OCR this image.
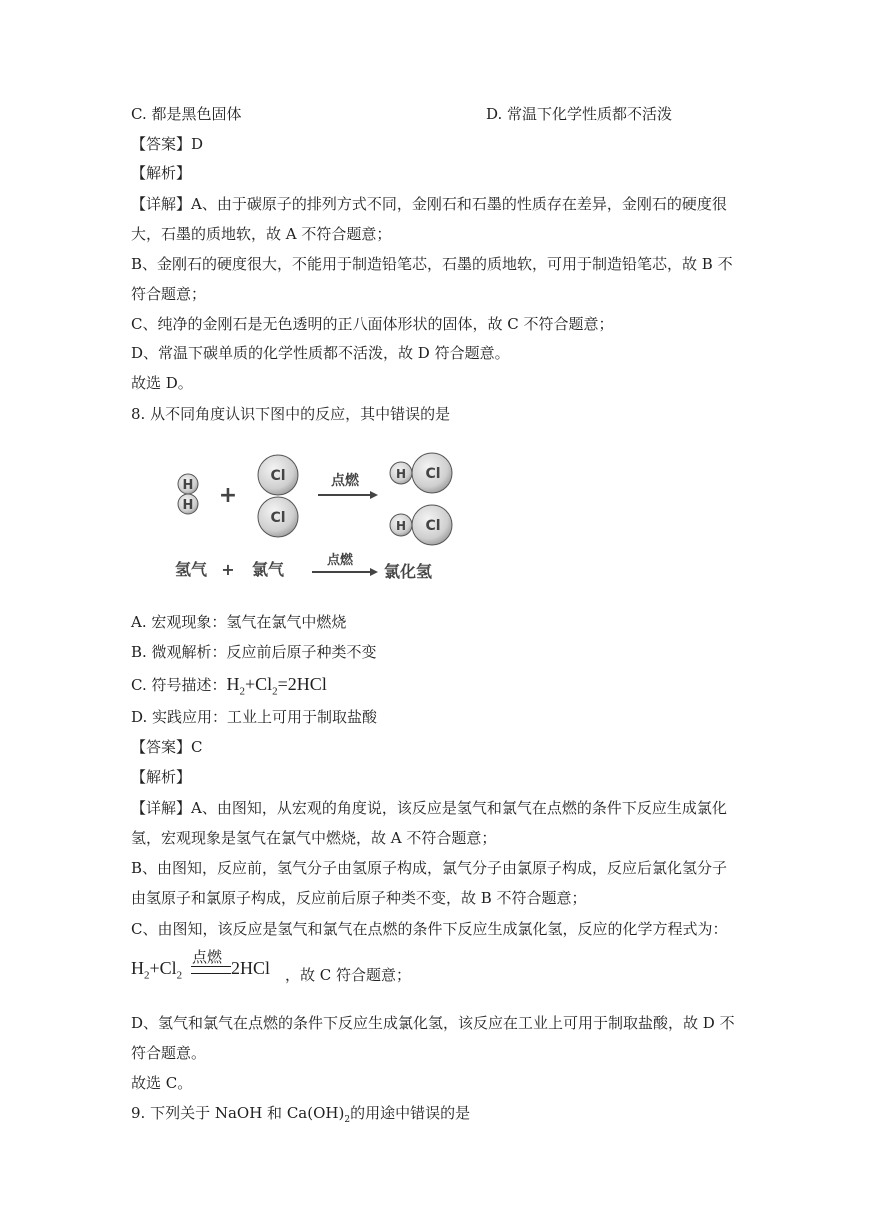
C. 都是黑色固体	D. 常温下化学性质都不活泼
【答案】D
【解析】
【详解】A、由于碳原子的排列方式不同，金刚石和石墨的性质存在差异，金刚石的硬度很
大，石墨的质地软，故 A 不符合题意；
B、金刚石的硬度很大，不能用于制造铅笔芯，石墨的质地软，可用于制造铅笔芯，故 B 不
符合题意；
C、纯净的金刚石是无色透明的正八面体形状的固体，故 C 不符合题意；
D、常温下碳单质的化学性质都不活泼，故 D 符合题意。
故选 D。
8. 从不同角度认识下图中的反应，其中错误的是
H
H +
Cl
Cl
点燃	H Cl
H Cl
氢气 + 氯气	点燃
氯化氢
A. 宏观现象：氢气在氯气中燃烧
B. 微观解析：反应前后原子种类不变
C. 符号描述：$H_2+Cl_2=2HCl$
D. 实践应用：工业上可用于制取盐酸
【答案】C
【解析】
【详解】A、由图知，从宏观的角度说，该反应是氢气和氯气在点燃的条件下反应生成氯化
氢，宏观现象是氢气在氯气中燃烧，故 A 不符合题意；
B、由图知，反应前，氢气分子由氢原子构成，氯气分子由氯原子构成，反应后氯化氢分子
由氢原子和氯原子构成，反应前后原子种类不变，故 B 不符合题意；
C、由图知，该反应是氢气和氯气在点燃的条件下反应生成氯化氢，反应的化学方程式为：
$H_2+Cl_2$
点燃
2HCl ，故 C 符合题意；
D、氢气和氯气在点燃的条件下反应生成氯化氢，该反应在工业上可用于制取盐酸，故 D 不
符合题意。
故选 C。
9. 下列关于 NaOH 和 $Ca(OH)_2$的用途中错误的是
